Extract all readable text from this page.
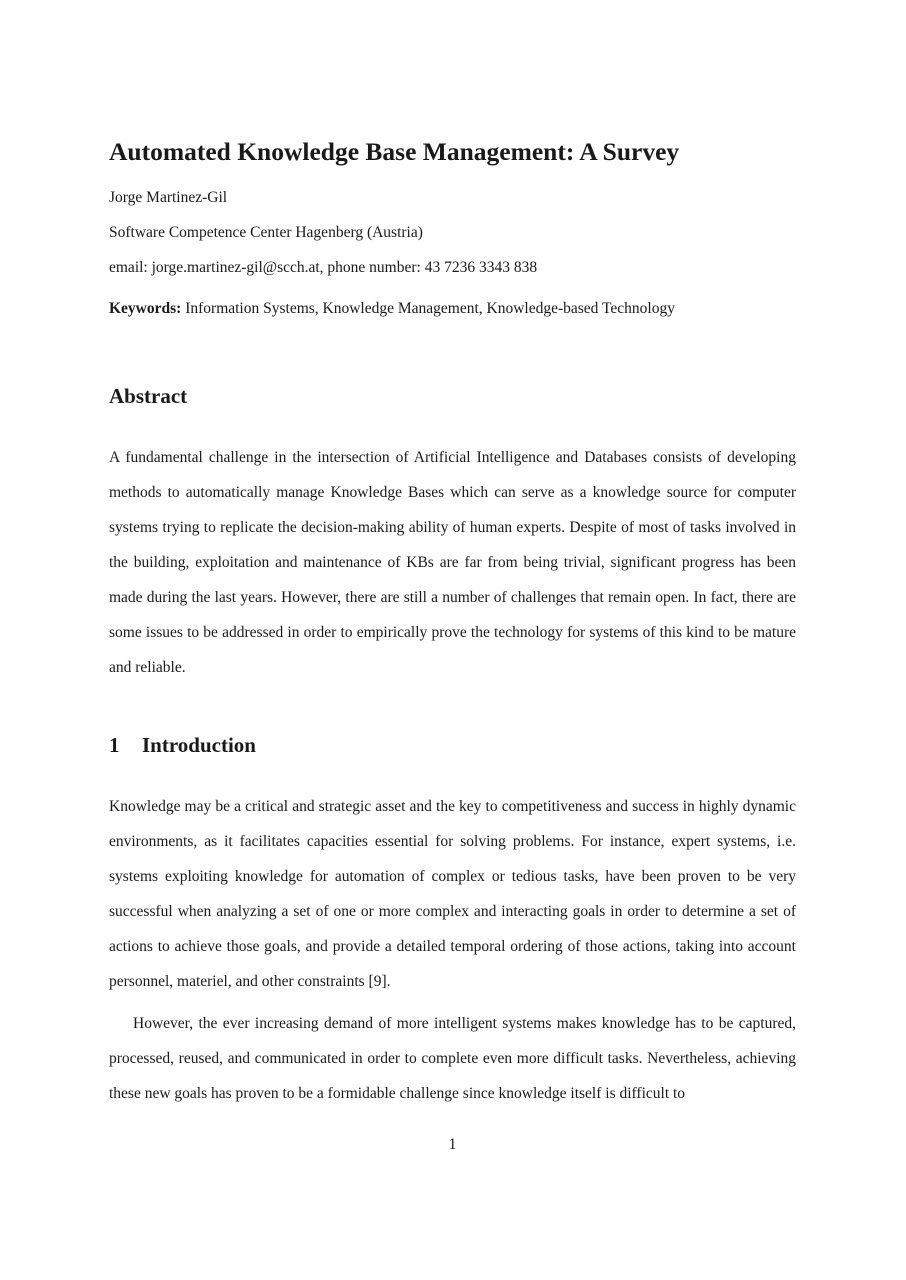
Automated Knowledge Base Management: A Survey

Jorge Martinez-Gil

Software Competence Center Hagenberg (Austria)

email: jorge.martinez-gil@scch.at, phone number: 43 7236 3343 838

Keywords: Information Systems, Knowledge Management, Knowledge-based Technology

Abstract

A fundamental challenge in the intersection of Artificial Intelligence and Databases consists of developing methods to automatically manage Knowledge Bases which can serve as a knowledge source for computer systems trying to replicate the decision-making ability of human experts. Despite of most of tasks involved in the building, exploitation and maintenance of KBs are far from being trivial, significant progress has been made during the last years. However, there are still a number of challenges that remain open. In fact, there are some issues to be addressed in order to empirically prove the technology for systems of this kind to be mature and reliable.

1 Introduction

Knowledge may be a critical and strategic asset and the key to competitiveness and success in highly dynamic environments, as it facilitates capacities essential for solving problems. For instance, expert systems, i.e. systems exploiting knowledge for automation of complex or tedious tasks, have been proven to be very successful when analyzing a set of one or more complex and interacting goals in order to determine a set of actions to achieve those goals, and provide a detailed temporal ordering of those actions, taking into account personnel, materiel, and other constraints [9].

However, the ever increasing demand of more intelligent systems makes knowledge has to be captured, processed, reused, and communicated in order to complete even more difficult tasks. Nevertheless, achieving these new goals has proven to be a formidable challenge since knowledge itself is difficult to

1
